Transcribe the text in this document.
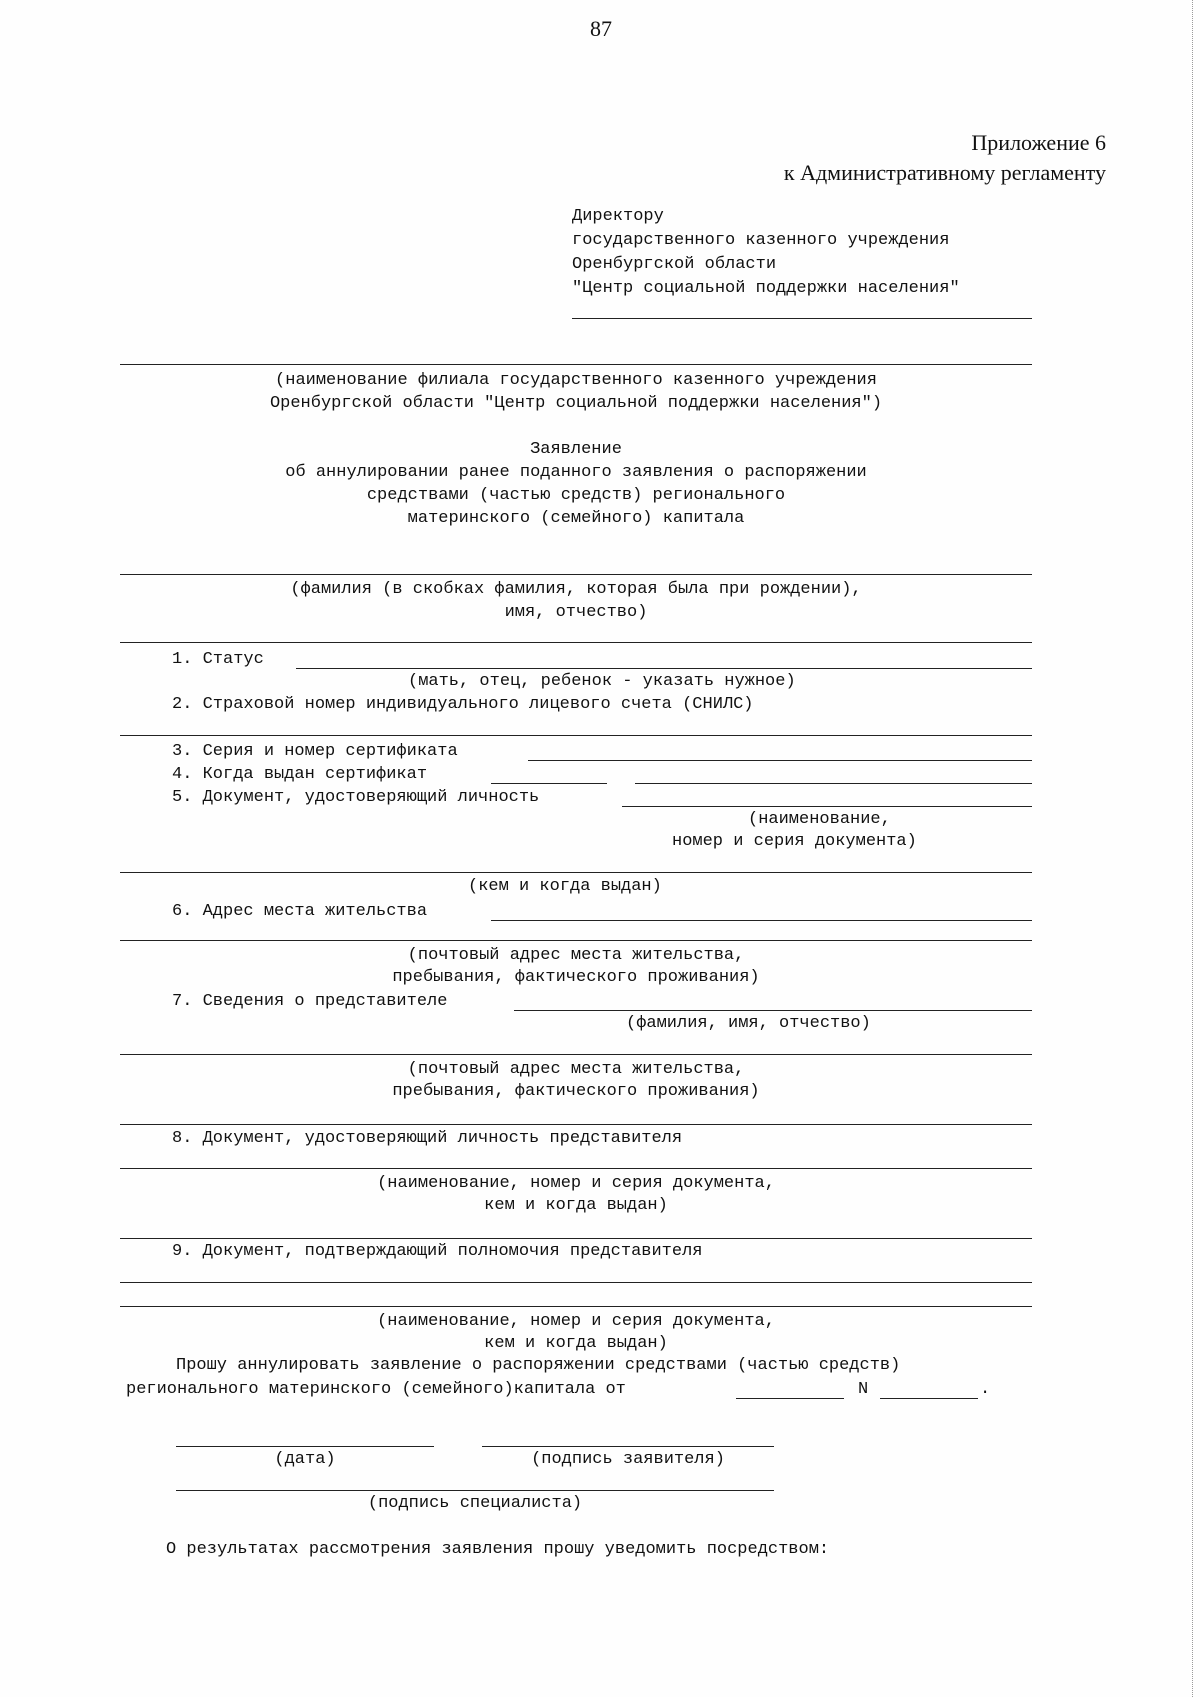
87
Приложение 6
к Административному регламенту
Директору
государственного казенного учреждения
Оренбургской области
"Центр социальной поддержки населения"
(наименование филиала государственного казенного учреждения
Оренбургской области "Центр социальной поддержки населения")
Заявление
об аннулировании ранее поданного заявления о распоряжении
средствами (частью средств) регионального
материнского (семейного) капитала
(фамилия (в скобках фамилия, которая была при рождении),
имя, отчество)
1. Статус
(мать, отец, ребенок - указать нужное)
2. Страховой номер индивидуального лицевого счета (СНИЛС)
3. Серия и номер сертификата
4. Когда выдан сертификат
5. Документ, удостоверяющий личность
(наименование,
номер и серия документа)
(кем и когда выдан)
6. Адрес места жительства
(почтовый адрес места жительства,
пребывания, фактического проживания)
7. Сведения о представителе
(фамилия, имя, отчество)
(почтовый адрес места жительства,
пребывания, фактического проживания)
8. Документ, удостоверяющий личность представителя
(наименование, номер и серия документа,
кем и когда выдан)
9. Документ, подтверждающий полномочия представителя
(наименование, номер и серия документа,
кем и когда выдан)
Прошу аннулировать заявление о распоряжении средствами (частью средств)
регионального материнского (семейного)капитала от	N	.
(дата)	(подпись заявителя)
(подпись специалиста)
О результатах рассмотрения заявления прошу уведомить посредством:
